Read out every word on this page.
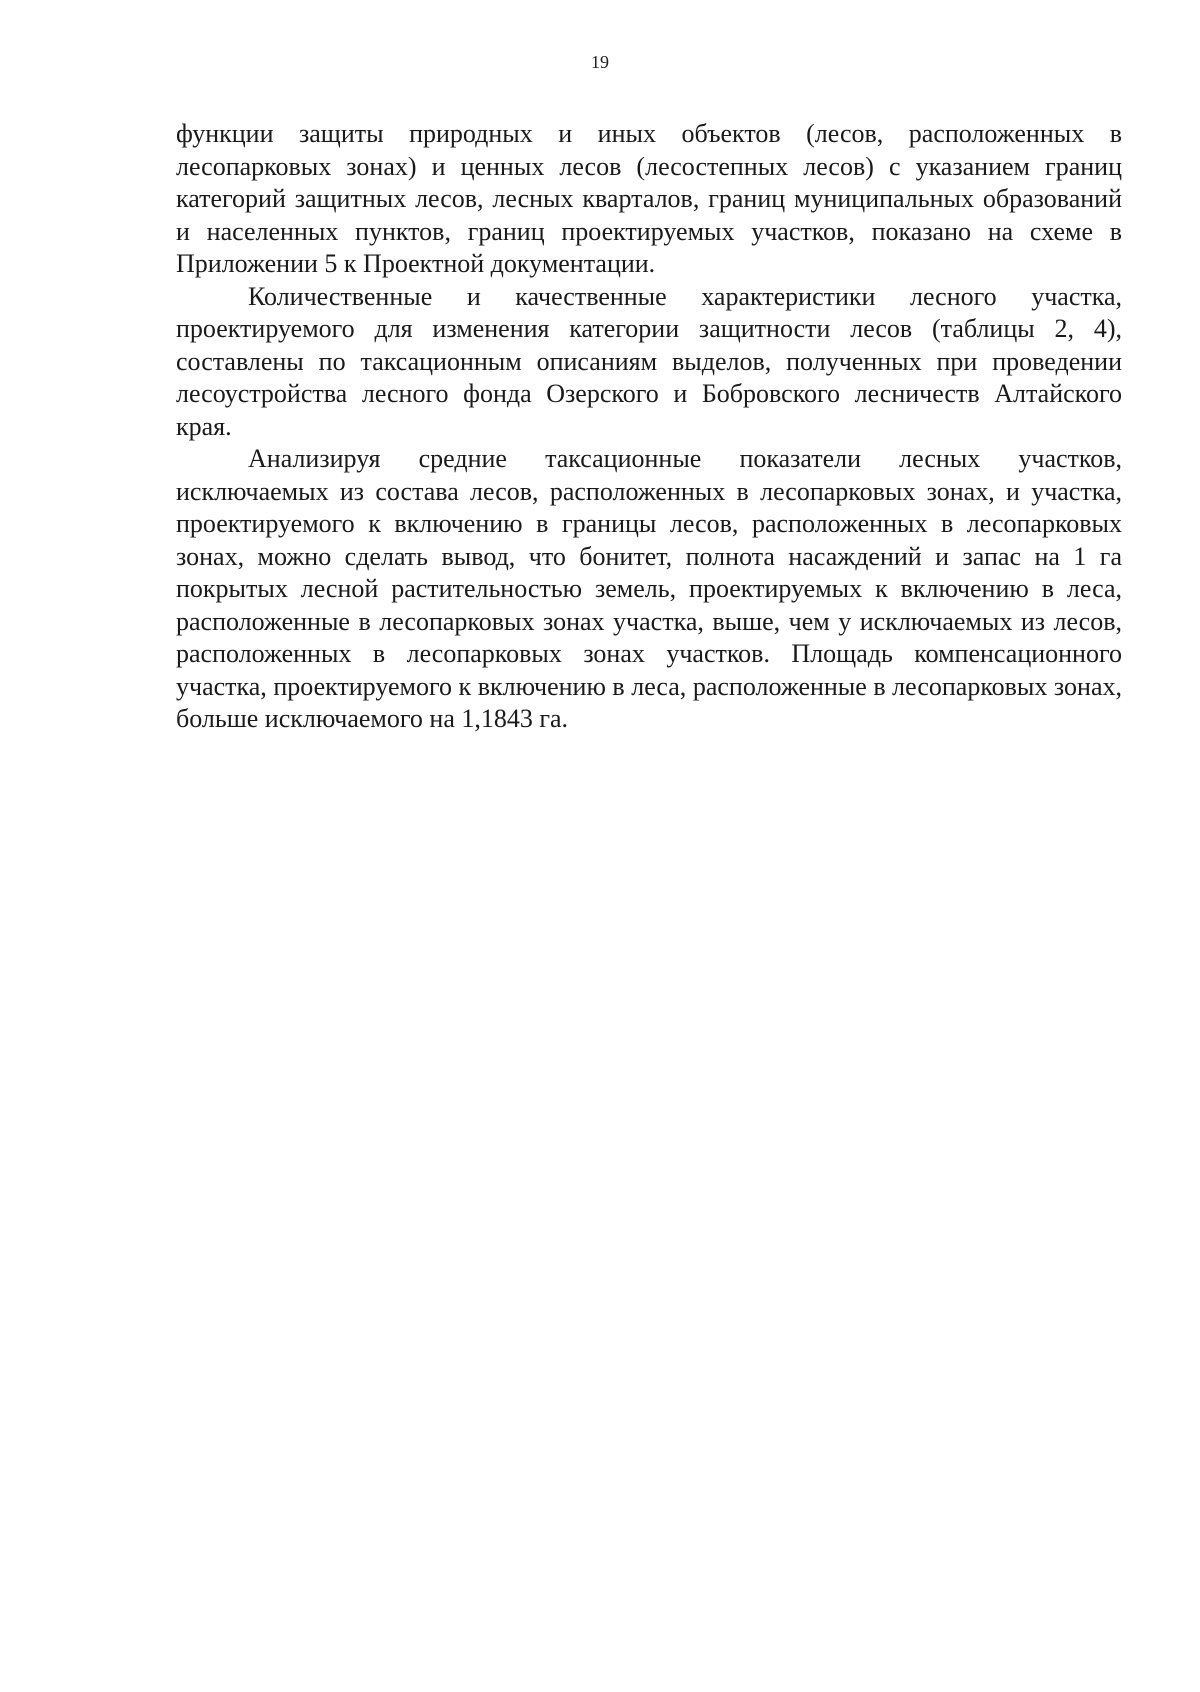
19

функции защиты природных и иных объектов (лесов, расположенных в лесопарковых зонах) и ценных лесов (лесостепных лесов) с указанием границ категорий защитных лесов, лесных кварталов, границ муниципальных образований и населенных пунктов, границ проектируемых участков, показано на схеме в Приложении 5 к Проектной документации.

Количественные и качественные характеристики лесного участка, проектируемого для изменения категории защитности лесов (таблицы 2, 4), составлены по таксационным описаниям выделов, полученных при проведении лесоустройства лесного фонда Озерского и Бобровского лесничеств Алтайского края.

Анализируя средние таксационные показатели лесных участков, исключаемых из состава лесов, расположенных в лесопарковых зонах, и участка, проектируемого к включению в границы лесов, расположенных в лесопарковых зонах, можно сделать вывод, что бонитет, полнота насаждений и запас на 1 га покрытых лесной растительностью земель, проектируемых к включению в леса, расположенные в лесопарковых зонах участка, выше, чем у исключаемых из лесов, расположенных в лесопарковых зонах участков. Площадь компенсационного участка, проектируемого к включению в леса, расположенные в лесопарковых зонах, больше исключаемого на 1,1843 га.
